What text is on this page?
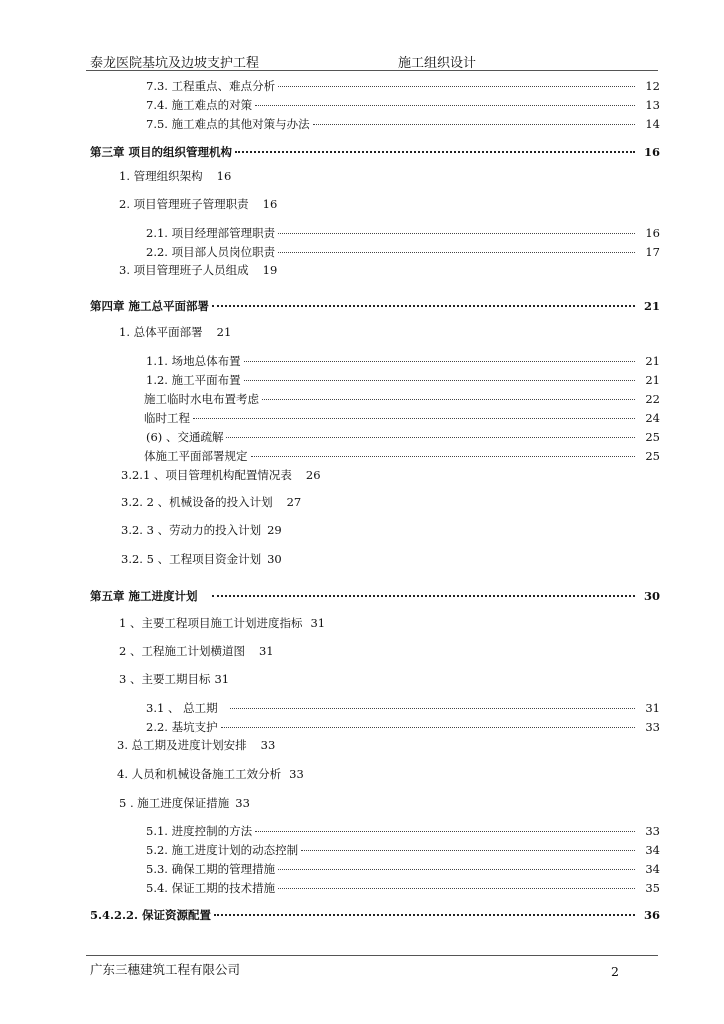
泰龙医院基坑及边坡支护工程	施工组织设计
7.3. 工程重点、难点分析	12
7.4. 施工难点的对策	13
7.5. 施工难点的其他对策与办法	14
第三章 项目的组织管理机构	16
1. 管理组织架构 16
2. 项目管理班子管理职责 16
2.1. 项目经理部管理职责	16
2.2. 项目部人员岗位职责	17
3. 项目管理班子人员组成 19
第四章 施工总平面部署	21
1. 总体平面部署 21
1.1. 场地总体布置	21
1.2. 施工平面布置	21
施工临时水电布置考虑	22
临时工程	24
(6) 、交通疏解	25
体施工平面部署规定	25
3.2.1 、项目管理机构配置情况表 26
3.2. 2 、机械设备的投入计划 27
3.2. 3 、劳动力的投入计划 29
3.2. 5 、工程项目资金计划 30
第五章 施工进度计划	30
1 、主要工程项目施工计划进度指标 31
2 、工程施工计划横道图 31
3 、主要工期目标 31
3.1 、 总工期	31
2.2. 基坑支护	33
3. 总工期及进度计划安排 33
4. 人员和机械设备施工工效分析 33
5 . 施工进度保证措施 33
5.1. 进度控制的方法	33
5.2. 施工进度计划的动态控制	34
5.3. 确保工期的管理措施	34
5.4. 保证工期的技术措施	35
5.4.2.2. 保证资源配置	36
广东三穗建筑工程有限公司	2
